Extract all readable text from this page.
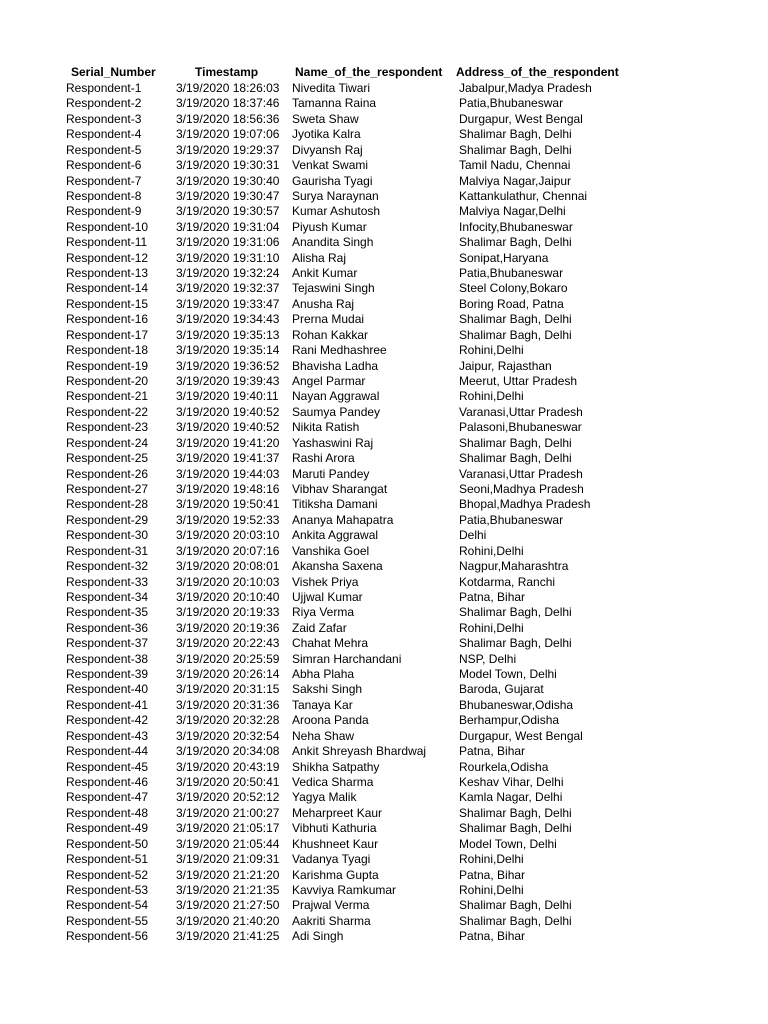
Serial_Number	Timestamp	Name_of_the_respondent Address_of_the_respondent
Respondent-1	3/19/2020 18:26:03 Nivedita Tiwari	Jabalpur,Madya Pradesh
Respondent-2	3/19/2020 18:37:46 Tamanna Raina	Patia,Bhubaneswar
Respondent-3	3/19/2020 18:56:36 Sweta Shaw	Durgapur, West Bengal
Respondent-4	3/19/2020 19:07:06 Jyotika Kalra	Shalimar Bagh, Delhi
Respondent-5	3/19/2020 19:29:37 Divyansh Raj	Shalimar Bagh, Delhi
Respondent-6	3/19/2020 19:30:31 Venkat Swami	Tamil Nadu, Chennai
Respondent-7	3/19/2020 19:30:40 Gaurisha Tyagi	Malviya Nagar,Jaipur
Respondent-8	3/19/2020 19:30:47 Surya Naraynan	Kattankulathur, Chennai
Respondent-9	3/19/2020 19:30:57 Kumar Ashutosh	Malviya Nagar,Delhi
Respondent-10 3/19/2020 19:31:04 Piyush Kumar	Infocity,Bhubaneswar
Respondent-11 3/19/2020 19:31:06 Anandita Singh	Shalimar Bagh, Delhi
Respondent-12 3/19/2020 19:31:10 Alisha Raj	Sonipat,Haryana
Respondent-13 3/19/2020 19:32:24 Ankit Kumar	Patia,Bhubaneswar
Respondent-14 3/19/2020 19:32:37 Tejaswini Singh	Steel Colony,Bokaro
Respondent-15 3/19/2020 19:33:47 Anusha Raj	Boring Road, Patna
Respondent-16 3/19/2020 19:34:43 Prerna Mudai	Shalimar Bagh, Delhi
Respondent-17 3/19/2020 19:35:13 Rohan Kakkar	Shalimar Bagh, Delhi
Respondent-18 3/19/2020 19:35:14 Rani Medhashree	Rohini,Delhi
Respondent-19 3/19/2020 19:36:52 Bhavisha Ladha	Jaipur, Rajasthan
Respondent-20 3/19/2020 19:39:43 Angel Parmar	Meerut, Uttar Pradesh
Respondent-21 3/19/2020 19:40:11 Nayan Aggrawal	Rohini,Delhi
Respondent-22 3/19/2020 19:40:52 Saumya Pandey	Varanasi,Uttar Pradesh
Respondent-23 3/19/2020 19:40:52 Nikita Ratish	Palasoni,Bhubaneswar
Respondent-24 3/19/2020 19:41:20 Yashaswini Raj	Shalimar Bagh, Delhi
Respondent-25 3/19/2020 19:41:37 Rashi Arora	Shalimar Bagh, Delhi
Respondent-26 3/19/2020 19:44:03 Maruti Pandey	Varanasi,Uttar Pradesh
Respondent-27 3/19/2020 19:48:16 Vibhav Sharangat	Seoni,Madhya Pradesh
Respondent-28 3/19/2020 19:50:41 Titiksha Damani	Bhopal,Madhya Pradesh
Respondent-29 3/19/2020 19:52:33 Ananya Mahapatra	Patia,Bhubaneswar
Respondent-30 3/19/2020 20:03:10 Ankita Aggrawal	Delhi
Respondent-31 3/19/2020 20:07:16 Vanshika Goel	Rohini,Delhi
Respondent-32 3/19/2020 20:08:01 Akansha Saxena	Nagpur,Maharashtra
Respondent-33 3/19/2020 20:10:03 Vishek Priya	Kotdarma, Ranchi
Respondent-34 3/19/2020 20:10:40 Ujjwal Kumar	Patna, Bihar
Respondent-35 3/19/2020 20:19:33 Riya Verma	Shalimar Bagh, Delhi
Respondent-36 3/19/2020 20:19:36 Zaid Zafar	Rohini,Delhi
Respondent-37 3/19/2020 20:22:43 Chahat Mehra	Shalimar Bagh, Delhi
Respondent-38 3/19/2020 20:25:59 Simran Harchandani	NSP, Delhi
Respondent-39 3/19/2020 20:26:14 Abha Plaha	Model Town, Delhi
Respondent-40 3/19/2020 20:31:15 Sakshi Singh	Baroda, Gujarat
Respondent-41 3/19/2020 20:31:36 Tanaya Kar	Bhubaneswar,Odisha
Respondent-42 3/19/2020 20:32:28 Aroona Panda	Berhampur,Odisha
Respondent-43 3/19/2020 20:32:54 Neha Shaw	Durgapur, West Bengal
Respondent-44 3/19/2020 20:34:08 Ankit Shreyash Bhardwaj	Patna, Bihar
Respondent-45 3/19/2020 20:43:19 Shikha Satpathy	Rourkela,Odisha
Respondent-46 3/19/2020 20:50:41 Vedica Sharma	Keshav Vihar, Delhi
Respondent-47 3/19/2020 20:52:12 Yagya Malik	Kamla Nagar, Delhi
Respondent-48 3/19/2020 21:00:27 Meharpreet Kaur	Shalimar Bagh, Delhi
Respondent-49 3/19/2020 21:05:17 Vibhuti Kathuria	Shalimar Bagh, Delhi
Respondent-50 3/19/2020 21:05:44 Khushneet Kaur	Model Town, Delhi
Respondent-51 3/19/2020 21:09:31 Vadanya Tyagi	Rohini,Delhi
Respondent-52 3/19/2020 21:21:20 Karishma Gupta	Patna, Bihar
Respondent-53 3/19/2020 21:21:35 Kavviya Ramkumar	Rohini,Delhi
Respondent-54 3/19/2020 21:27:50 Prajwal Verma	Shalimar Bagh, Delhi
Respondent-55 3/19/2020 21:40:20 Aakriti Sharma	Shalimar Bagh, Delhi
Respondent-56 3/19/2020 21:41:25 Adi Singh	Patna, Bihar
